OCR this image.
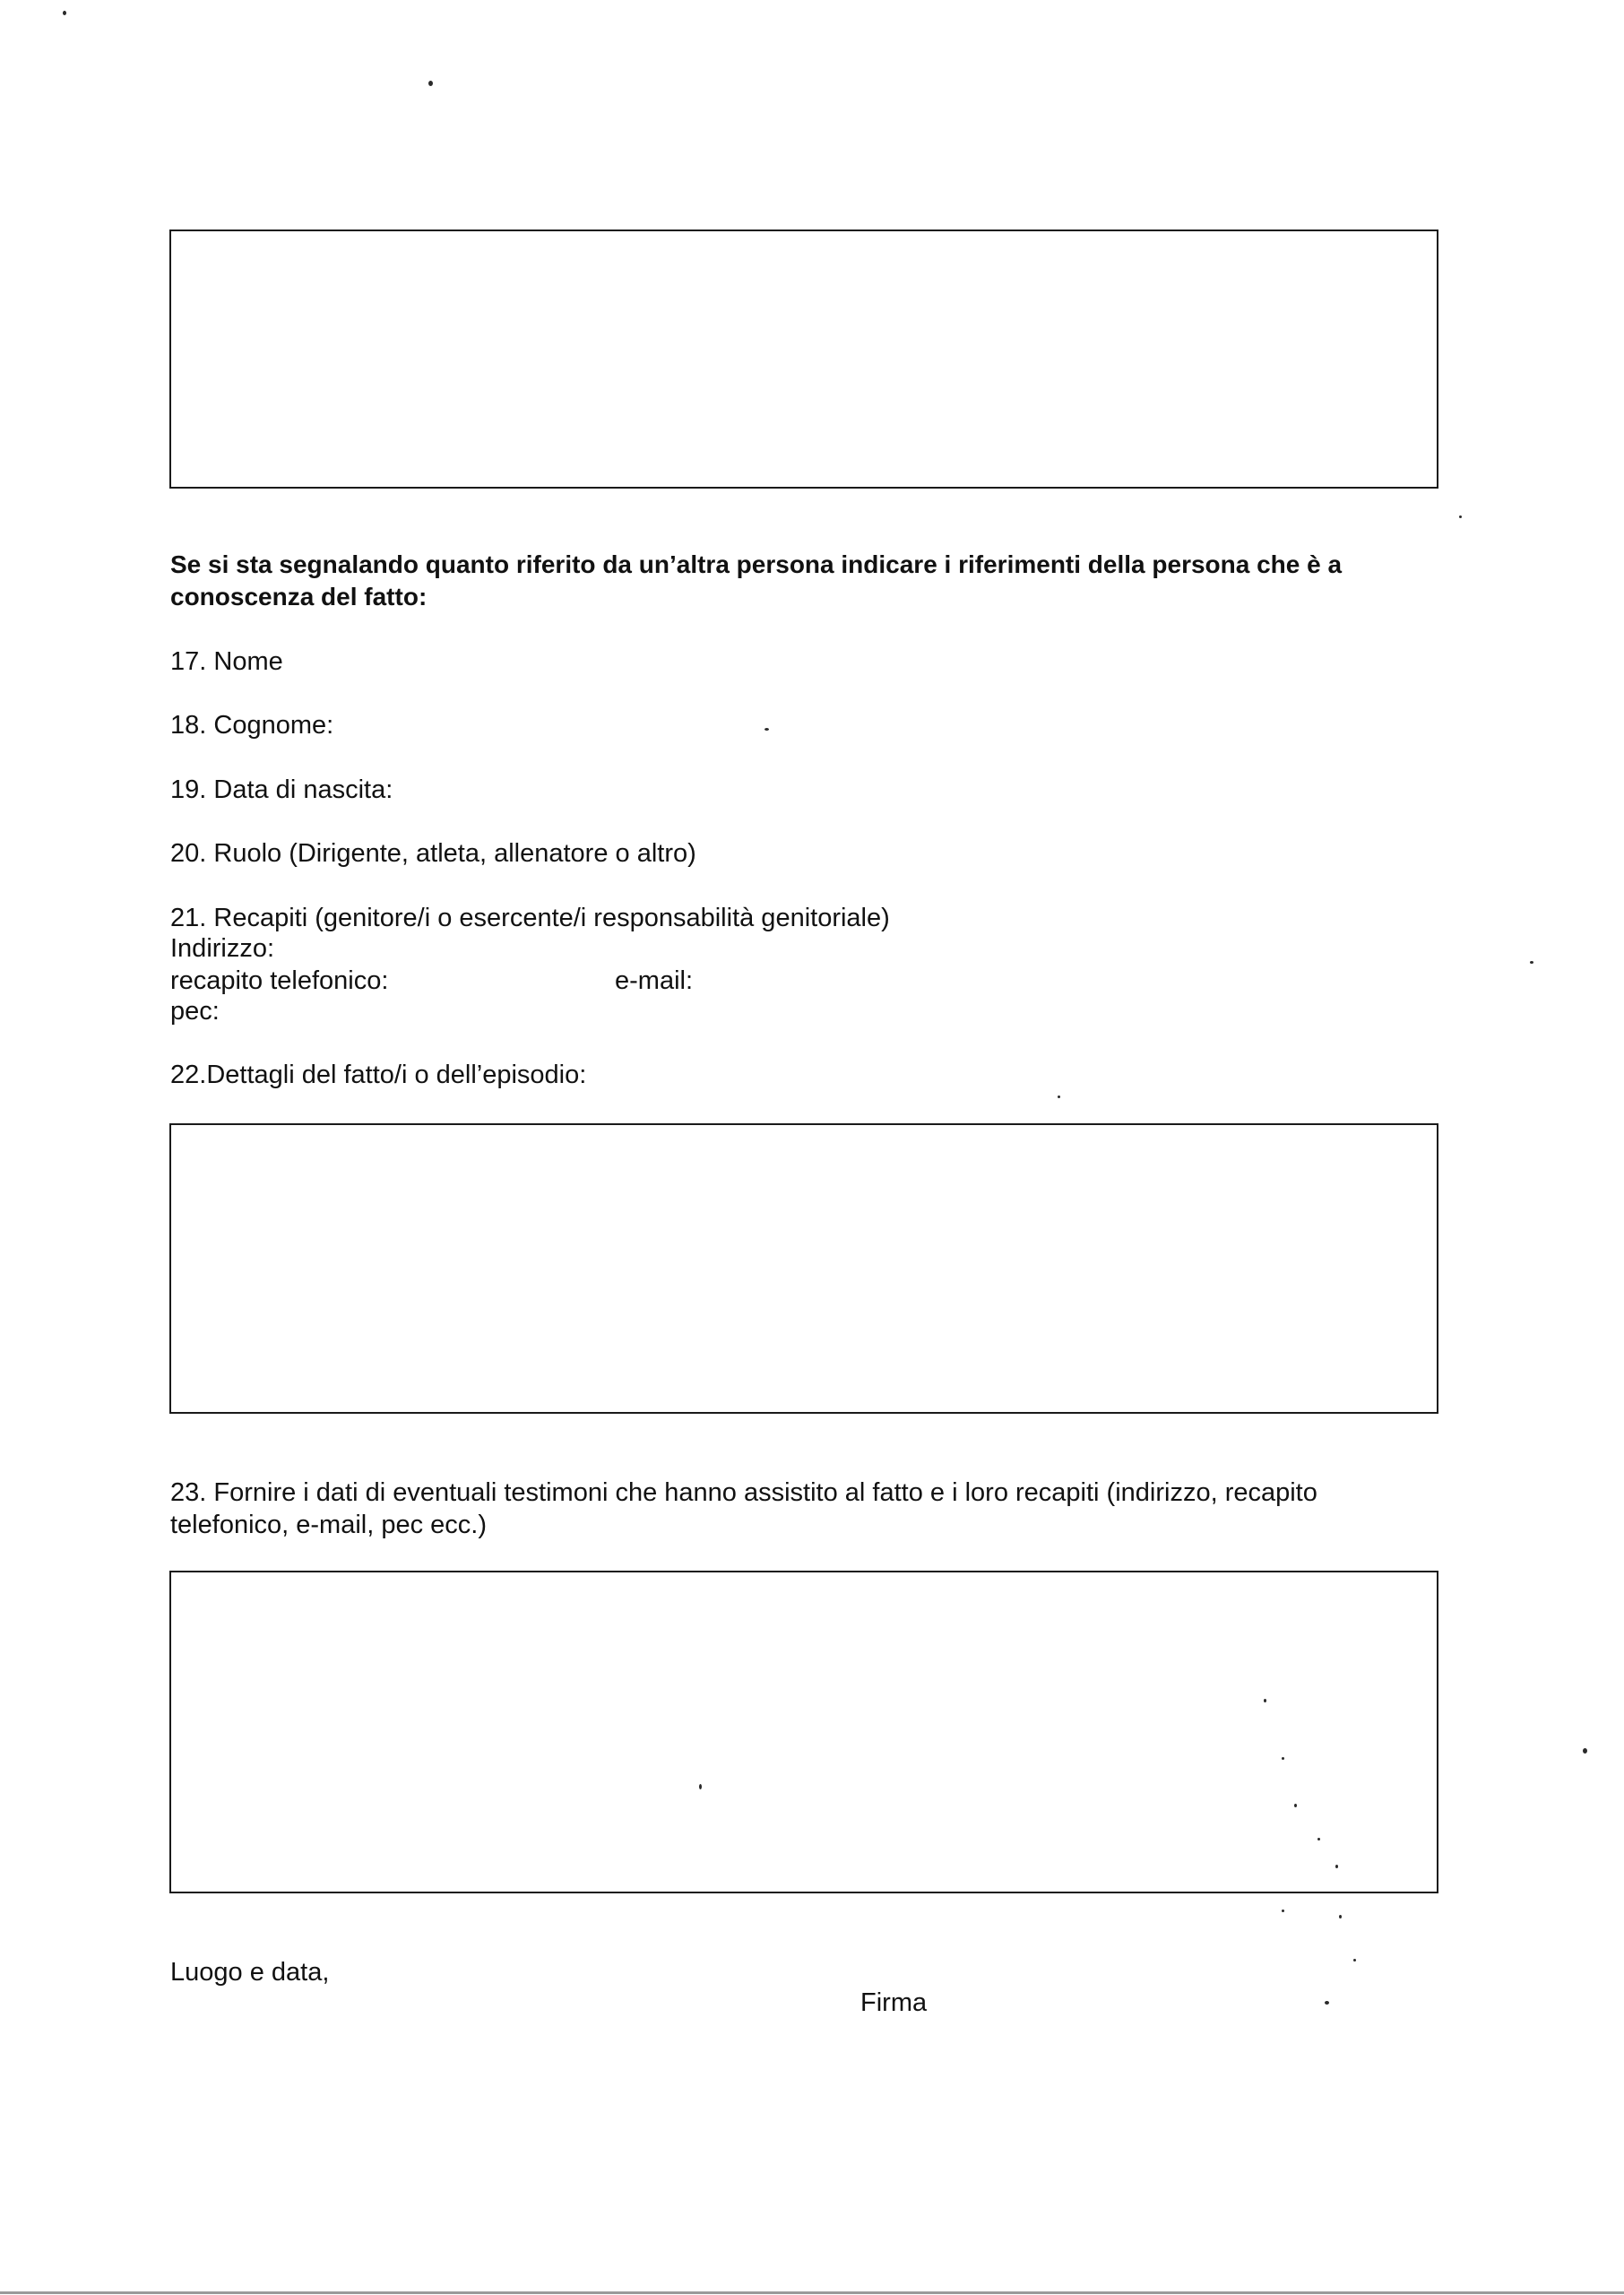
Se si sta segnalando quanto riferito da un’altra persona indicare i riferimenti della persona che è a conoscenza del fatto:

17. Nome

18. Cognome:

19. Data di nascita:

20. Ruolo (Dirigente, atleta, allenatore o altro)

21. Recapiti (genitore/i o esercente/i responsabilità genitoriale)

Indirizzo:

recapito telefonico:	e-mail:

pec:

22.Dettagli del fatto/i o dell’episodio:

23. Fornire i dati di eventuali testimoni che hanno assistito al fatto e i loro recapiti (indirizzo, recapito telefonico, e-mail, pec ecc.)

Luogo e data,

Firma
